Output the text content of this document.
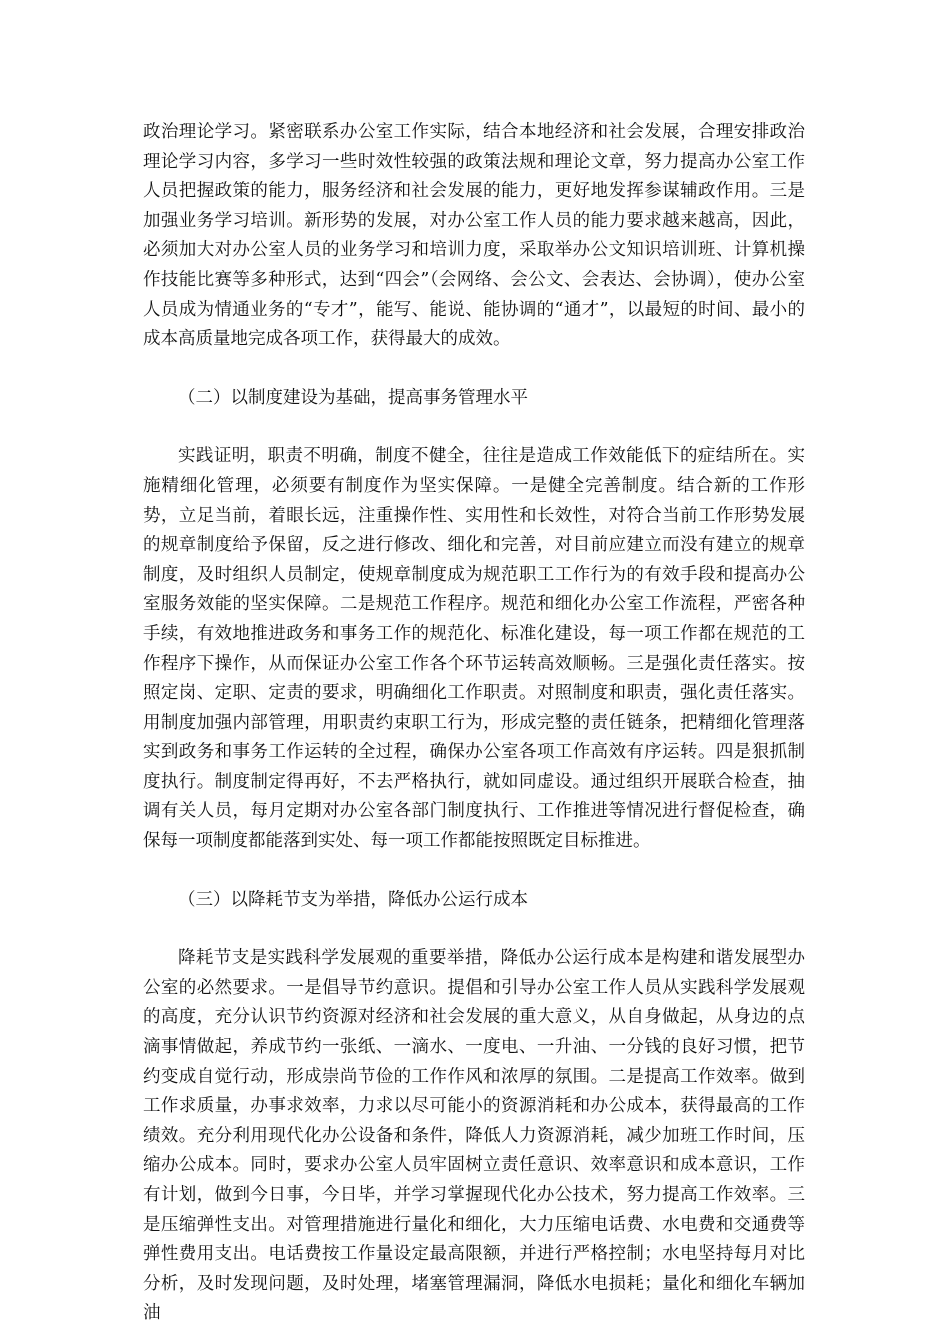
政治理论学习。紧密联系办公室工作实际，结合本地经济和社会发展，合理安排政治理论学习内容，多学习一些时效性较强的政策法规和理论文章，努力提高办公室工作人员把握政策的能力，服务经济和社会发展的能力，更好地发挥参谋辅政作用。三是加强业务学习培训。新形势的发展，对办公室工作人员的能力要求越来越高，因此，必须加大对办公室人员的业务学习和培训力度，采取举办公文知识培训班、计算机操作技能比赛等多种形式，达到“四会”（会网络、会公文、会表达、会协调），使办公室人员成为情通业务的“专才”，能写、能说、能协调的“通才”，以最短的时间、最小的成本高质量地完成各项工作，获得最大的成效。

（二）以制度建设为基础，提高事务管理水平

实践证明，职责不明确，制度不健全，往往是造成工作效能低下的症结所在。实施精细化管理，必须要有制度作为坚实保障。一是健全完善制度。结合新的工作形势，立足当前，着眼长远，注重操作性、实用性和长效性，对符合当前工作形势发展的规章制度给予保留，反之进行修改、细化和完善，对目前应建立而没有建立的规章制度，及时组织人员制定，使规章制度成为规范职工工作行为的有效手段和提高办公室服务效能的坚实保障。二是规范工作程序。规范和细化办公室工作流程，严密各种手续，有效地推进政务和事务工作的规范化、标准化建设，每一项工作都在规范的工作程序下操作，从而保证办公室工作各个环节运转高效顺畅。三是强化责任落实。按照定岗、定职、定责的要求，明确细化工作职责。对照制度和职责，强化责任落实。用制度加强内部管理，用职责约束职工行为，形成完整的责任链条，把精细化管理落实到政务和事务工作运转的全过程，确保办公室各项工作高效有序运转。四是狠抓制度执行。制度制定得再好，不去严格执行，就如同虚设。通过组织开展联合检查，抽调有关人员，每月定期对办公室各部门制度执行、工作推进等情况进行督促检查，确保每一项制度都能落到实处、每一项工作都能按照既定目标推进。

（三）以降耗节支为举措，降低办公运行成本

降耗节支是实践科学发展观的重要举措，降低办公运行成本是构建和谐发展型办公室的必然要求。一是倡导节约意识。提倡和引导办公室工作人员从实践科学发展观的高度，充分认识节约资源对经济和社会发展的重大意义，从自身做起，从身边的点滴事情做起，养成节约一张纸、一滴水、一度电、一升油、一分钱的良好习惯，把节约变成自觉行动，形成崇尚节俭的工作作风和浓厚的氛围。二是提高工作效率。做到工作求质量，办事求效率，力求以尽可能小的资源消耗和办公成本，获得最高的工作绩效。充分利用现代化办公设备和条件，降低人力资源消耗，减少加班工作时间，压缩办公成本。同时，要求办公室人员牢固树立责任意识、效率意识和成本意识，工作有计划，做到今日事，今日毕，并学习掌握现代化办公技术，努力提高工作效率。三是压缩弹性支出。对管理措施进行量化和细化，大力压缩电话费、水电费和交通费等弹性费用支出。电话费按工作量设定最高限额，并进行严格控制；水电坚持每月对比分析，及时发现问题，及时处理，堵塞管理漏洞，降低水电损耗；量化和细化车辆加油
